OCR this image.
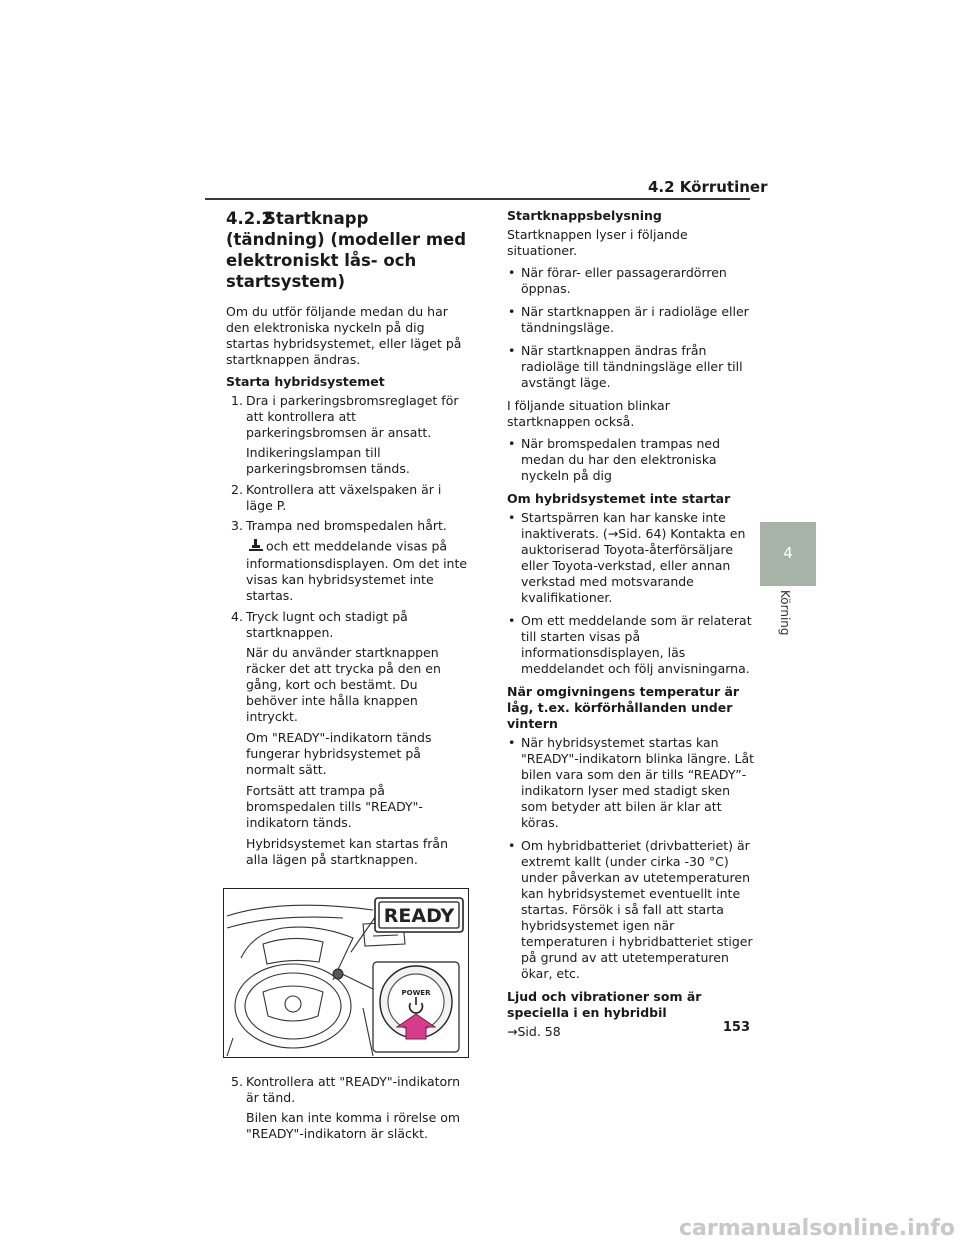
4.2 Körrutiner
4
Körning
4.2.2Startknapp (tändning) (modeller med elektroniskt lås- och startsystem)

Om du utför följande medan du har den elektroniska nyckeln på dig startas hybridsystemet, eller läget på startknappen ändras.

Starta hybridsystemet
1. Dra i parkeringsbromsreglaget för att kontrollera att parkeringsbromsen är ansatt.
Indikeringslampan till parkeringsbromsen tänds.
2. Kontrollera att växelspaken är i läge P.
3. Trampa ned bromspedalen hårt.
och ett meddelande visas på informationsdisplayen. Om det inte visas kan hybridsystemet inte startas.
4. Tryck lugnt och stadigt på startknappen.
När du använder startknappen räcker det att trycka på den en gång, kort och bestämt. Du behöver inte hålla knappen intryckt.
Om "READY"-indikatorn tänds fungerar hybridsystemet på normalt sätt.
Fortsätt att trampa på bromspedalen tills "READY"-indikatorn tänds.
Hybridsystemet kan startas från alla lägen på startknappen.
READY
POWER
5. Kontrollera att "READY"-indikatorn är tänd.
Bilen kan inte komma i rörelse om "READY"-indikatorn är släckt.
Startknappsbelysning

Startknappen lyser i följande situationer.

• När förar- eller passagerardörren öppnas.
• När startknappen är i radioläge eller tändningsläge.
• När startknappen ändras från radioläge till tändningsläge eller till avstängt läge.

I följande situation blinkar startknappen också.

• När bromspedalen trampas ned medan du har den elektroniska nyckeln på dig
Om hybridsystemet inte startar
• Startspärren kan har kanske inte inaktiverats. (→Sid. 64) Kontakta en auktoriserad Toyota-återförsäljare eller Toyota-verkstad, eller annan verkstad med motsvarande kvalifikationer.
• Om ett meddelande som är relaterat till starten visas på informationsdisplayen, läs meddelandet och följ anvisningarna.
När omgivningens temperatur är låg, t.ex. körförhållanden under vintern
• När hybridsystemet startas kan "READY"-indikatorn blinka längre. Låt bilen vara som den är tills “READY”-indikatorn lyser med stadigt sken som betyder att bilen är klar att köras.
• Om hybridbatteriet (drivbatteriet) är extremt kallt (under cirka -30 °C) under påverkan av utetemperaturen kan hybridsystemet eventuellt inte startas. Försök i så fall att starta hybridsystemet igen när temperaturen i hybridbatteriet stiger på grund av att utetemperaturen ökar, etc.
Ljud och vibrationer som är speciella i en hybridbil

→Sid. 58	153
carmanualsonline.info
